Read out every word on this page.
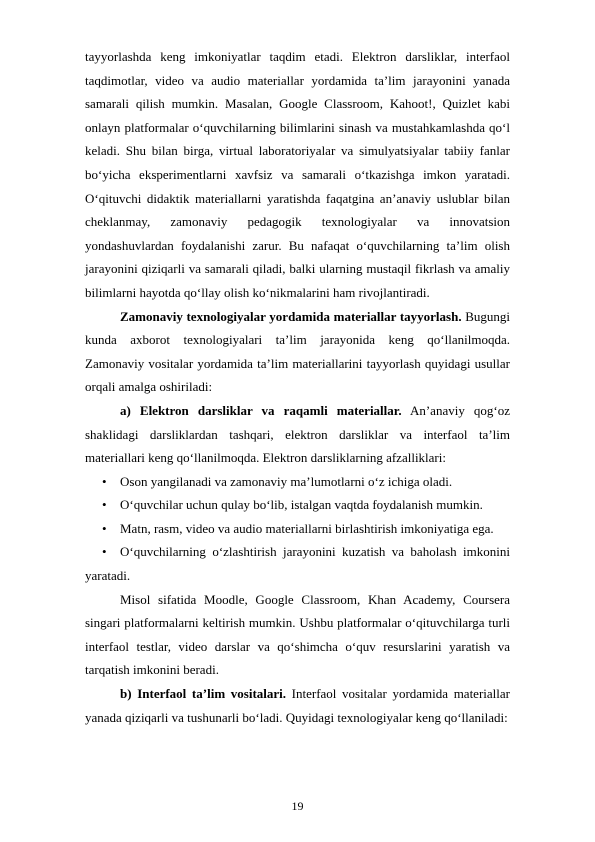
tayyorlashda keng imkoniyatlar taqdim etadi. Elektron darsliklar, interfaol taqdimotlar, video va audio materiallar yordamida ta’lim jarayonini yanada samarali qilish mumkin. Masalan, Google Classroom, Kahoot!, Quizlet kabi onlayn platformalar o‘quvchilarning bilimlarini sinash va mustahkamlashda qo‘l keladi. Shu bilan birga, virtual laboratoriyalar va simulyatsiyalar tabiiy fanlar bo‘yicha eksperimentlarni xavfsiz va samarali o‘tkazishga imkon yaratadi. O‘qituvchi didaktik materiallarni yaratishda faqatgina an’anaviy uslublar bilan cheklanmay, zamonaviy pedagogik texnologiyalar va innovatsion yondashuvlardan foydalanishi zarur. Bu nafaqat o‘quvchilarning ta’lim olish jarayonini qiziqarli va samarali qiladi, balki ularning mustaqil fikrlash va amaliy bilimlarni hayotda qo‘llay olish ko‘nikmalarini ham rivojlantiradi.

Zamonaviy texnologiyalar yordamida materiallar tayyorlash. Bugungi kunda axborot texnologiyalari ta’lim jarayonida keng qo‘llanilmoqda. Zamonaviy vositalar yordamida ta’lim materiallarini tayyorlash quyidagi usullar orqali amalga oshiriladi:

a) Elektron darsliklar va raqamli materiallar. An’anaviy qog‘oz shaklidagi darsliklardan tashqari, elektron darsliklar va interfaol ta’lim materiallari keng qo‘llanilmoqda. Elektron darsliklarning afzalliklari:

• Oson yangilanadi va zamonaviy ma’lumotlarni o‘z ichiga oladi.

• O‘quvchilar uchun qulay bo‘lib, istalgan vaqtda foydalanish mumkin.

• Matn, rasm, video va audio materiallarni birlashtirish imkoniyatiga ega.

• O‘quvchilarning o‘zlashtirish jarayonini kuzatish va baholash imkonini yaratadi.

Misol sifatida Moodle, Google Classroom, Khan Academy, Coursera singari platformalarni keltirish mumkin. Ushbu platformalar o‘qituvchilarga turli interfaol testlar, video darslar va qo‘shimcha o‘quv resurslarini yaratish va tarqatish imkonini beradi.

b) Interfaol ta’lim vositalari. Interfaol vositalar yordamida materiallar yanada qiziqarli va tushunarli bo‘ladi. Quyidagi texnologiyalar keng qo‘llaniladi:

19
